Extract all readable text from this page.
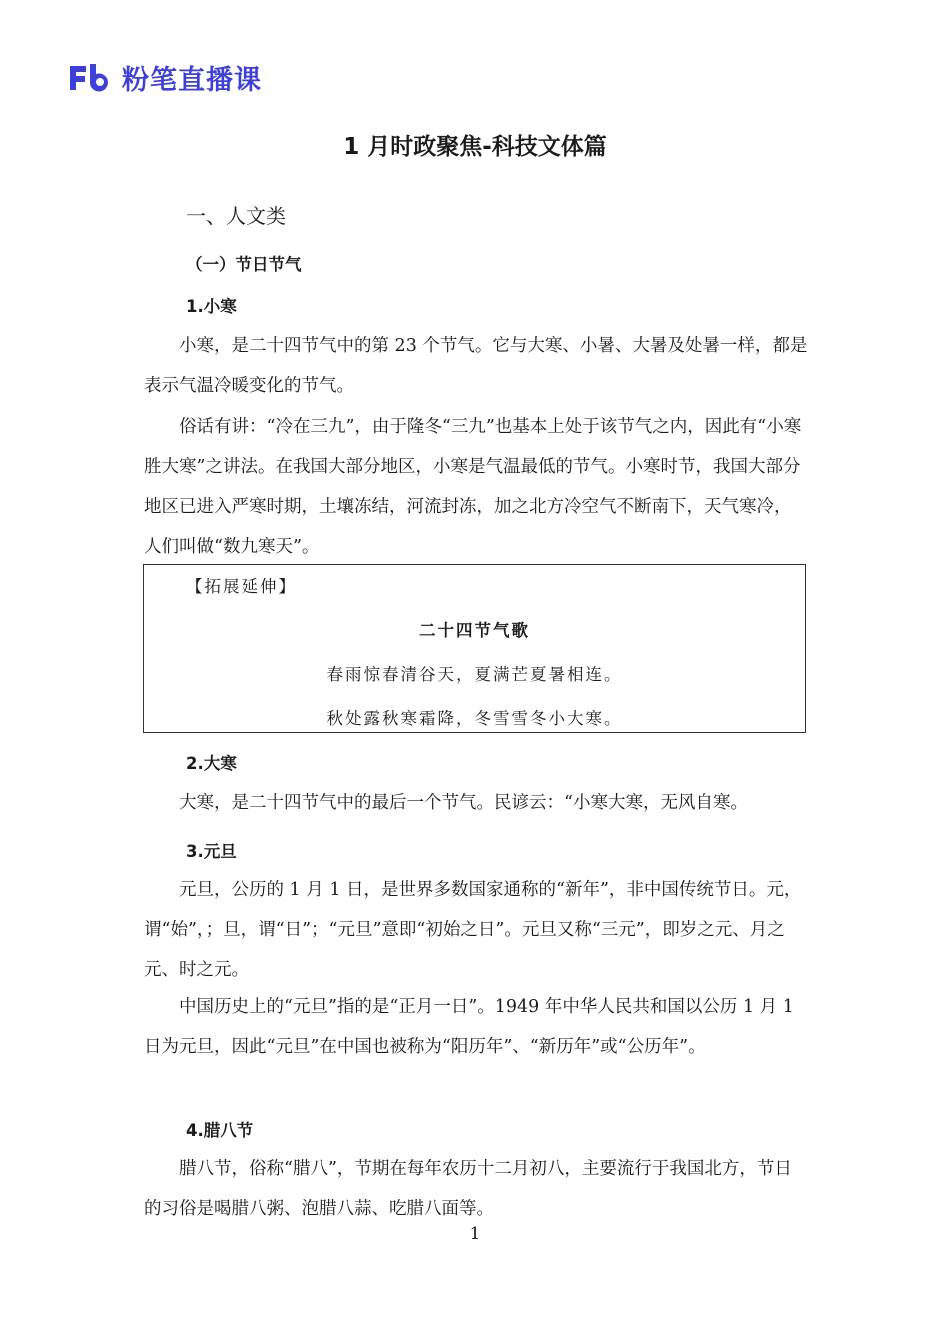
粉笔直播课
1 月时政聚焦-科技文体篇
一、人文类
（一）节日节气
1.小寒

小寒，是二十四节气中的第 23 个节气。它与大寒、小暑、大暑及处暑一样，都是表示气温冷暖变化的节气。

俗话有讲：“冷在三九”，由于隆冬“三九”也基本上处于该节气之内，因此有“小寒胜大寒”之讲法。在我国大部分地区，小寒是气温最低的节气。小寒时节，我国大部分地区已进入严寒时期，土壤冻结，河流封冻，加之北方冷空气不断南下，天气寒冷，人们叫做“数九寒天”。

【拓展延伸】
二十四节气歌
春雨惊春清谷天，夏满芒夏暑相连。
秋处露秋寒霜降，冬雪雪冬小大寒。
2.大寒

大寒，是二十四节气中的最后一个节气。民谚云：“小寒大寒，无风自寒。

3.元旦

元旦，公历的 1 月 1 日，是世界多数国家通称的“新年”，非中国传统节日。元，谓“始”，；旦，谓“日”；“元旦”意即“初始之日”。元旦又称“三元”，即岁之元、月之元、时之元。

中国历史上的“元旦”指的是“正月一日”。1949 年中华人民共和国以公历 1 月 1 日为元旦，因此“元旦”在中国也被称为“阳历年”、“新历年”或“公历年”。

4.腊八节

腊八节，俗称“腊八”，节期在每年农历十二月初八，主要流行于我国北方，节日的习俗是喝腊八粥、泡腊八蒜、吃腊八面等。

1
